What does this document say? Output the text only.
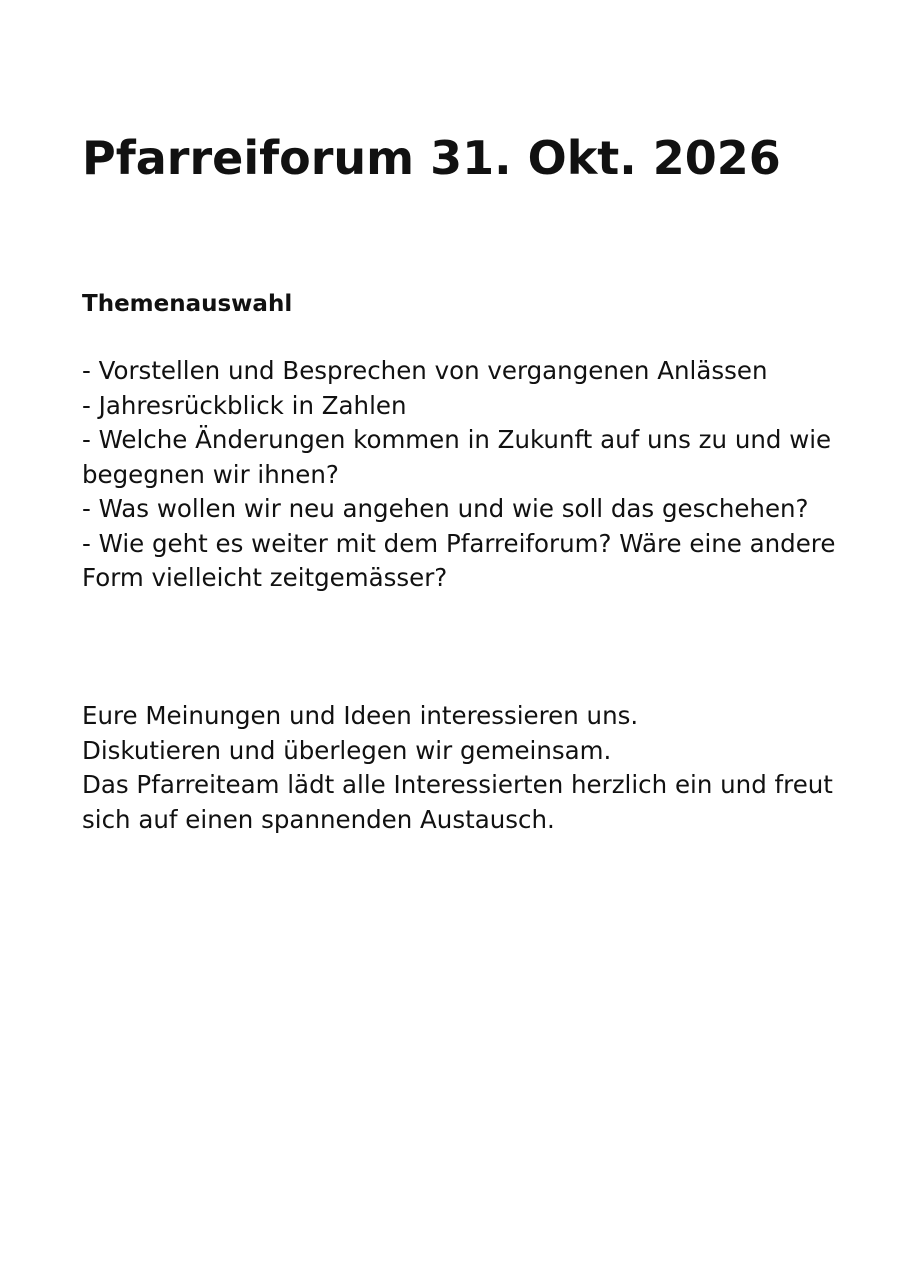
Pfarreiforum 31. Okt. 2026
Themenauswahl
- Vorstellen und Besprechen von vergangenen Anlässen
- Jahresrückblick in Zahlen
- Welche Änderungen kommen in Zukunft auf uns zu und wie begegnen wir ihnen?
- Was wollen wir neu angehen und wie soll das geschehen?
- Wie geht es weiter mit dem Pfarreiforum? Wäre eine andere Form vielleicht zeitgemässer?

Eure Meinungen und Ideen interessieren uns.

Diskutieren und überlegen wir gemeinsam.

Das Pfarreiteam lädt alle Interessierten herzlich ein und freut sich auf einen spannenden Austausch.
